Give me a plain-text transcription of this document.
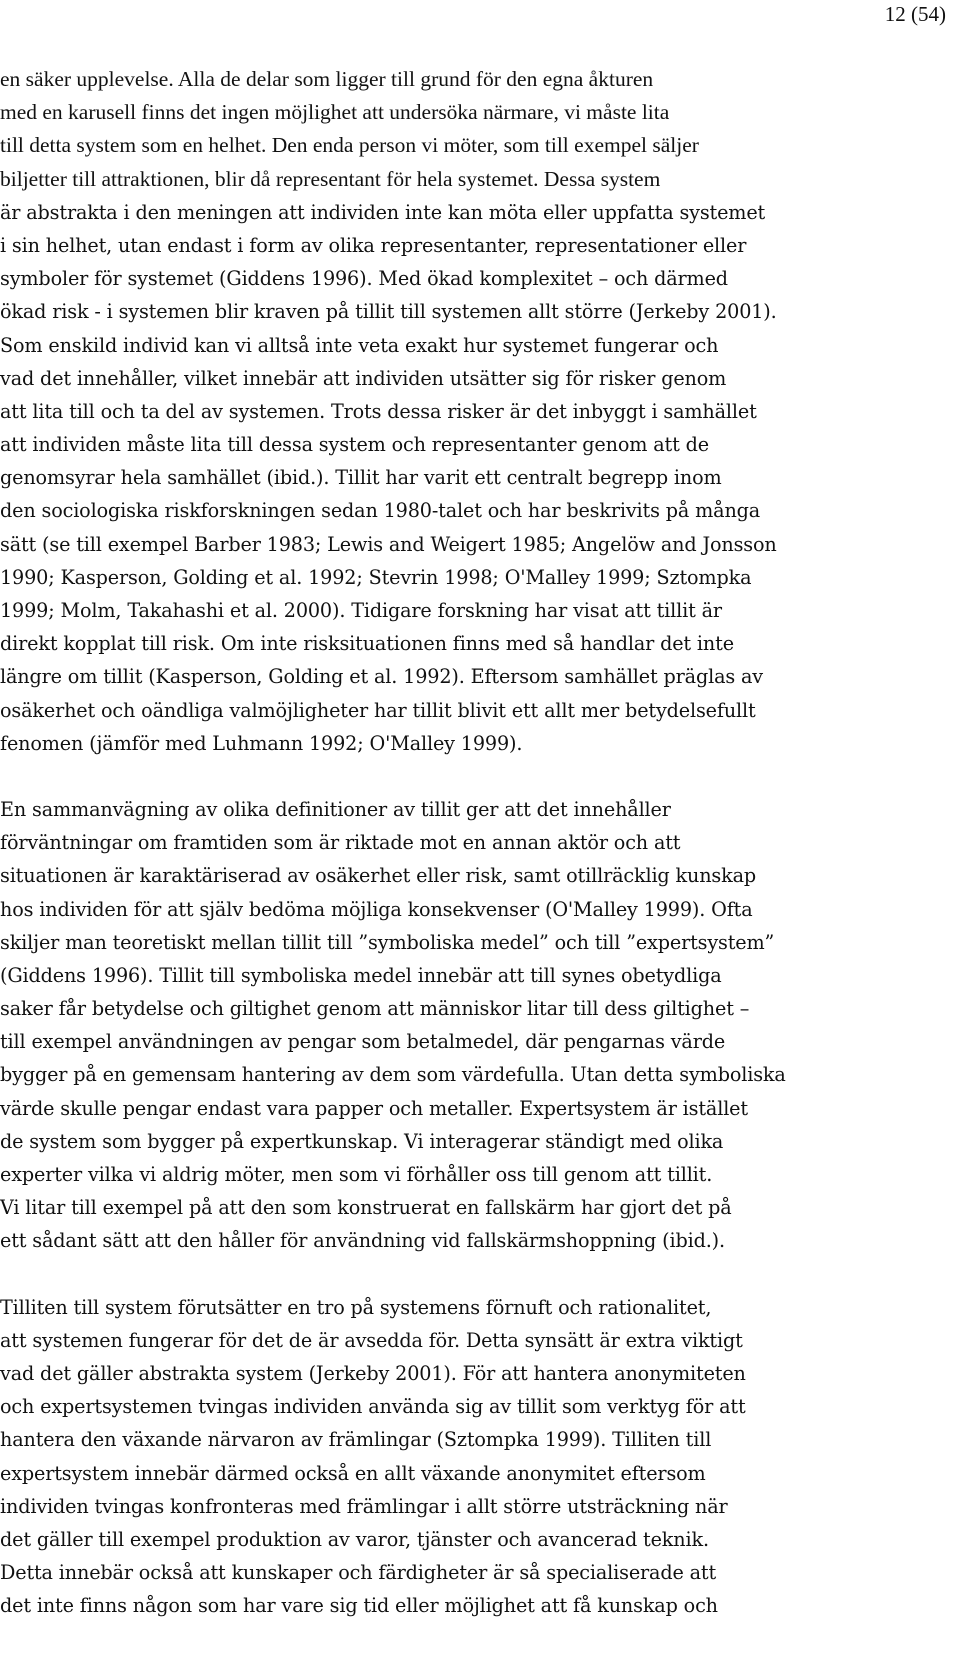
12 (54)
en säker upplevelse. Alla de delar som ligger till grund för den egna åkturen
med en karusell finns det ingen möjlighet att undersöka närmare, vi måste lita
till detta system som en helhet. Den enda person vi möter, som till exempel säljer
biljetter till attraktionen, blir då representant för hela systemet. Dessa system
är abstrakta i den meningen att individen inte kan möta eller uppfatta systemet
i sin helhet, utan endast i form av olika representanter, representationer eller
symboler för systemet (Giddens 1996). Med ökad komplexitet – och därmed
ökad risk - i systemen blir kraven på tillit till systemen allt större (Jerkeby 2001).
Som enskild individ kan vi alltså inte veta exakt hur systemet fungerar och
vad det innehåller, vilket innebär att individen utsätter sig för risker genom
att lita till och ta del av systemen. Trots dessa risker är det inbyggt i samhället
att individen måste lita till dessa system och representanter genom att de
genomsyrar hela samhället (ibid.). Tillit har varit ett centralt begrepp inom
den sociologiska riskforskningen sedan 1980-talet och har beskrivits på många
sätt (se till exempel Barber 1983; Lewis and Weigert 1985; Angelöw and Jonsson
1990; Kasperson, Golding et al. 1992; Stevrin 1998; O'Malley 1999; Sztompka
1999; Molm, Takahashi et al. 2000). Tidigare forskning har visat att tillit är
direkt kopplat till risk. Om inte risksituationen finns med så handlar det inte
längre om tillit (Kasperson, Golding et al. 1992). Eftersom samhället präglas av
osäkerhet och oändliga valmöjligheter har tillit blivit ett allt mer betydelsefullt
fenomen (jämför med Luhmann 1992; O'Malley 1999).
En sammanvägning av olika definitioner av tillit ger att det innehåller
förväntningar om framtiden som är riktade mot en annan aktör och att
situationen är karaktäriserad av osäkerhet eller risk, samt otillräcklig kunskap
hos individen för att själv bedöma möjliga konsekvenser (O'Malley 1999). Ofta
skiljer man teoretiskt mellan tillit till ”symboliska medel” och till ”expertsystem”
(Giddens 1996). Tillit till symboliska medel innebär att till synes obetydliga
saker får betydelse och giltighet genom att människor litar till dess giltighet –
till exempel användningen av pengar som betalmedel, där pengarnas värde
bygger på en gemensam hantering av dem som värdefulla. Utan detta symboliska
värde skulle pengar endast vara papper och metaller. Expertsystem är istället
de system som bygger på expertkunskap. Vi interagerar ständigt med olika
experter vilka vi aldrig möter, men som vi förhåller oss till genom att tillit.
Vi litar till exempel på att den som konstruerat en fallskärm har gjort det på
ett sådant sätt att den håller för användning vid fallskärmshoppning (ibid.).
Tilliten till system förutsätter en tro på systemens förnuft och rationalitet,
att systemen fungerar för det de är avsedda för. Detta synsätt är extra viktigt
vad det gäller abstrakta system (Jerkeby 2001). För att hantera anonymiteten
och expertsystemen tvingas individen använda sig av tillit som verktyg för att
hantera den växande närvaron av främlingar (Sztompka 1999). Tilliten till
expertsystem innebär därmed också en allt växande anonymitet eftersom
individen tvingas konfronteras med främlingar i allt större utsträckning när
det gäller till exempel produktion av varor, tjänster och avancerad teknik.
Detta innebär också att kunskaper och färdigheter är så specialiserade att
det inte finns någon som har vare sig tid eller möjlighet att få kunskap och
